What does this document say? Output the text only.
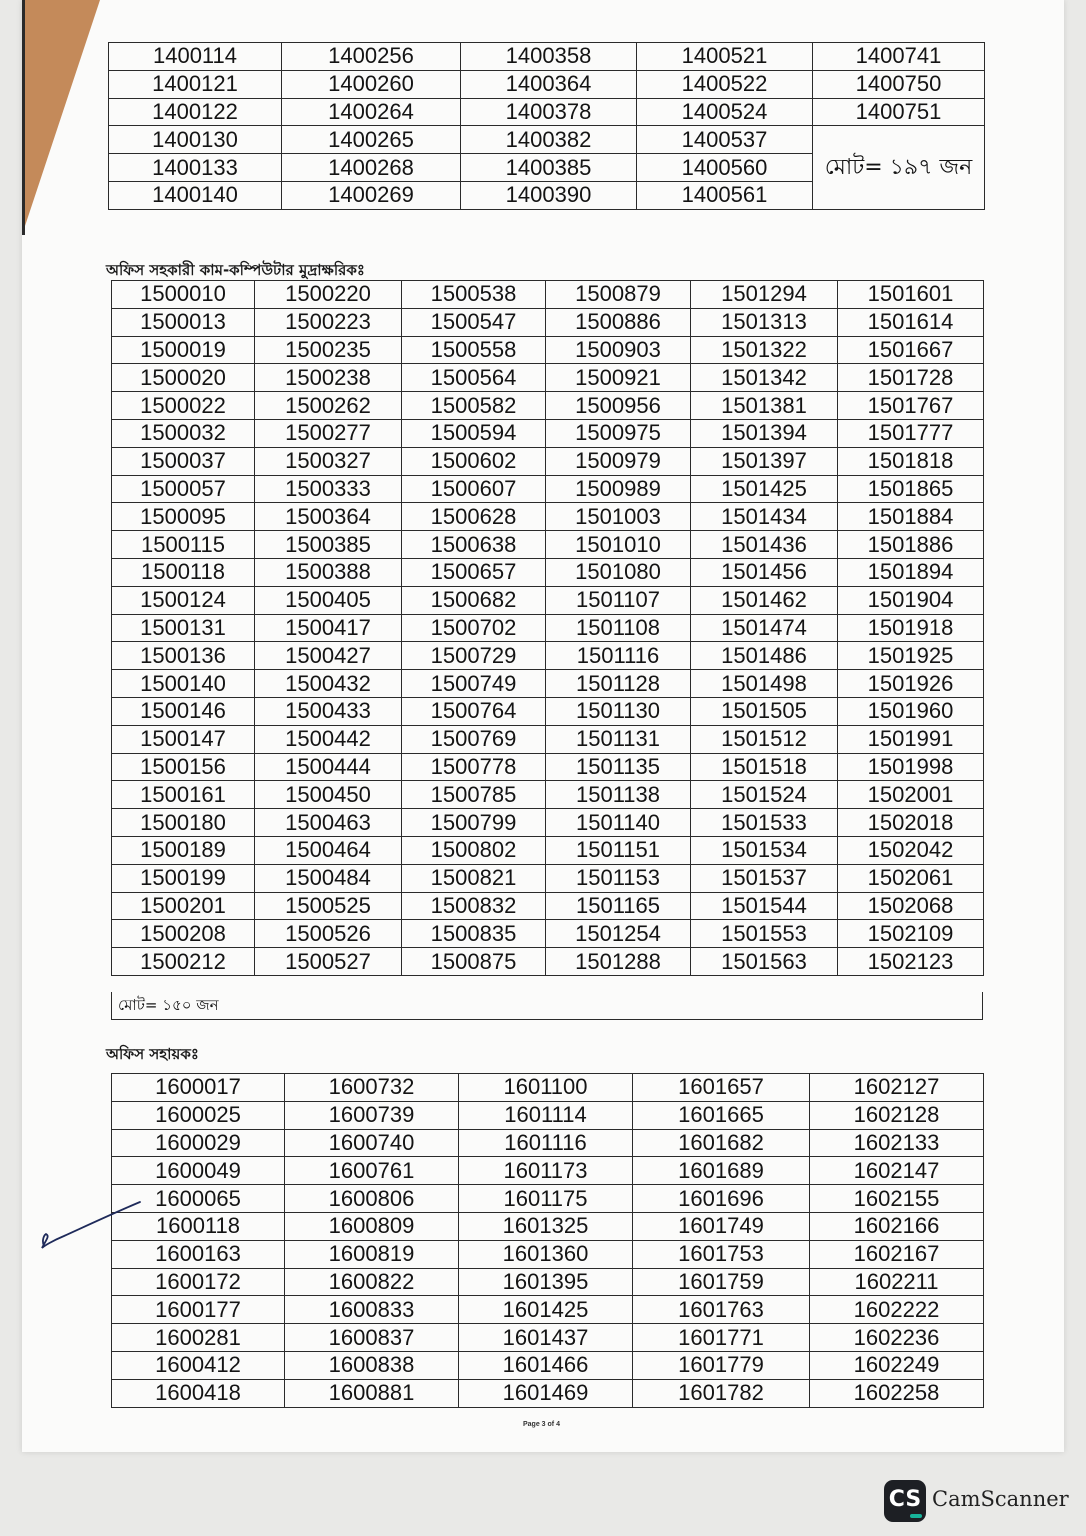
1400114	1400256	1400358	1400521	1400741
1400121	1400260	1400364	1400522	1400750
1400122	1400264	1400378	1400524	1400751
1400130	1400265	1400382	1400537	মোট= ১৯৭ জন
1400133	1400268	1400385	1400560	
1400140	1400269	1400390	1400561	
অফিস সহকারী কাম-কম্পিউটার মুদ্রাক্ষরিকঃ
1500010	1500220	1500538	1500879	1501294	1501601
1500013	1500223	1500547	1500886	1501313	1501614
1500019	1500235	1500558	1500903	1501322	1501667
1500020	1500238	1500564	1500921	1501342	1501728
1500022	1500262	1500582	1500956	1501381	1501767
1500032	1500277	1500594	1500975	1501394	1501777
1500037	1500327	1500602	1500979	1501397	1501818
1500057	1500333	1500607	1500989	1501425	1501865
1500095	1500364	1500628	1501003	1501434	1501884
1500115	1500385	1500638	1501010	1501436	1501886
1500118	1500388	1500657	1501080	1501456	1501894
1500124	1500405	1500682	1501107	1501462	1501904
1500131	1500417	1500702	1501108	1501474	1501918
1500136	1500427	1500729	1501116	1501486	1501925
1500140	1500432	1500749	1501128	1501498	1501926
1500146	1500433	1500764	1501130	1501505	1501960
1500147	1500442	1500769	1501131	1501512	1501991
1500156	1500444	1500778	1501135	1501518	1501998
1500161	1500450	1500785	1501138	1501524	1502001
1500180	1500463	1500799	1501140	1501533	1502018
1500189	1500464	1500802	1501151	1501534	1502042
1500199	1500484	1500821	1501153	1501537	1502061
1500201	1500525	1500832	1501165	1501544	1502068
1500208	1500526	1500835	1501254	1501553	1502109
1500212	1500527	1500875	1501288	1501563	1502123
মোট= ১৫০ জন
অফিস সহায়কঃ
1600017	1600732	1601100	1601657	1602127
1600025	1600739	1601114	1601665	1602128
1600029	1600740	1601116	1601682	1602133
1600049	1600761	1601173	1601689	1602147
1600065	1600806	1601175	1601696	1602155
1600118	1600809	1601325	1601749	1602166
1600163	1600819	1601360	1601753	1602167
1600172	1600822	1601395	1601759	1602211
1600177	1600833	1601425	1601763	1602222
1600281	1600837	1601437	1601771	1602236
1600412	1600838	1601466	1601779	1602249
1600418	1600881	1601469	1601782	1602258
Page 3 of 4
CS CamScanner
